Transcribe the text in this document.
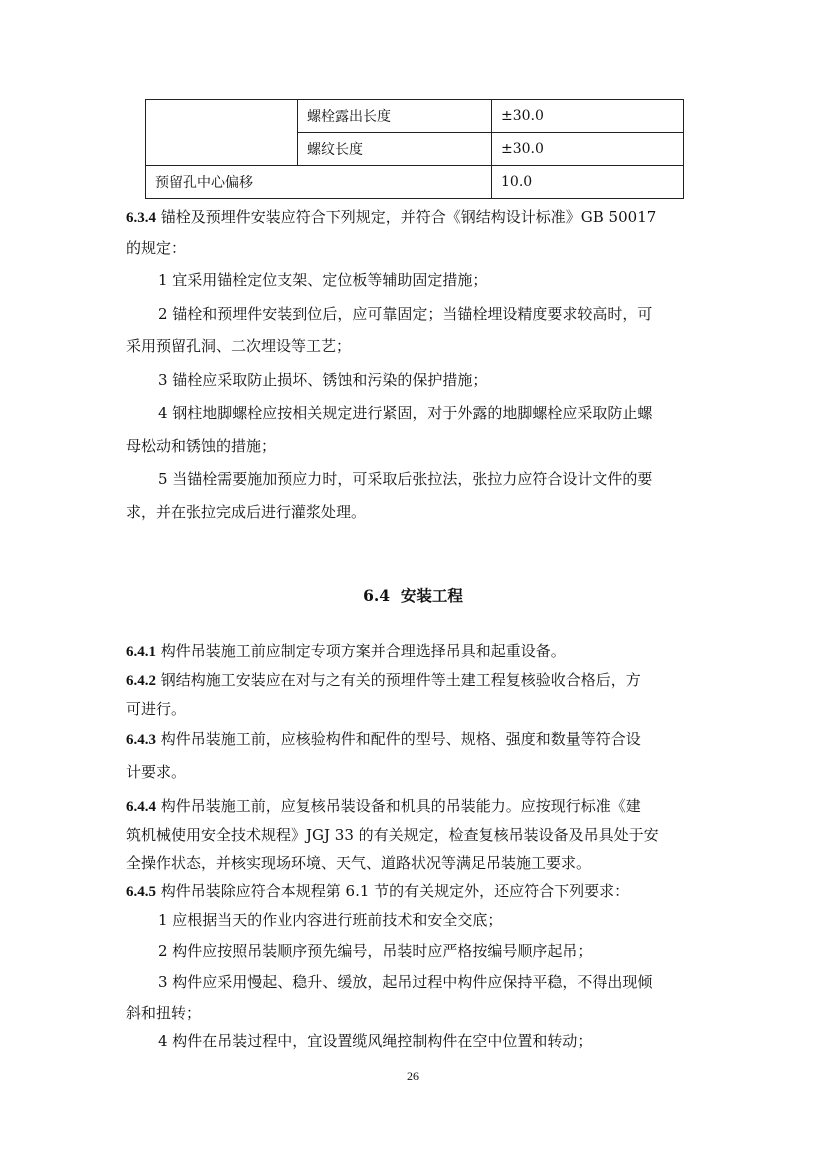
	螺栓露出长度	±30.0
	螺纹长度	±30.0
预留孔中心偏移		10.0
6.3.4 锚栓及预埋件安装应符合下列规定，并符合《钢结构设计标准》GB 50017
的规定：
1 宜采用锚栓定位支架、定位板等辅助固定措施；
2 锚栓和预埋件安装到位后，应可靠固定；当锚栓埋设精度要求较高时，可
采用预留孔洞、二次埋设等工艺；
3 锚栓应采取防止损坏、锈蚀和污染的保护措施；
4 钢柱地脚螺栓应按相关规定进行紧固，对于外露的地脚螺栓应采取防止螺
母松动和锈蚀的措施；
5 当锚栓需要施加预应力时，可采取后张拉法，张拉力应符合设计文件的要
求，并在张拉完成后进行灌浆处理。
6.4 安装工程
6.4.1 构件吊装施工前应制定专项方案并合理选择吊具和起重设备。
6.4.2 钢结构施工安装应在对与之有关的预埋件等土建工程复核验收合格后，方
可进行。
6.4.3 构件吊装施工前，应核验构件和配件的型号、规格、强度和数量等符合设
计要求。
6.4.4 构件吊装施工前，应复核吊装设备和机具的吊装能力。应按现行标准《建
筑机械使用安全技术规程》JGJ 33 的有关规定，检查复核吊装设备及吊具处于安
全操作状态，并核实现场环境、天气、道路状况等满足吊装施工要求。
6.4.5 构件吊装除应符合本规程第 6.1 节的有关规定外，还应符合下列要求：
1 应根据当天的作业内容进行班前技术和安全交底；
2 构件应按照吊装顺序预先编号，吊装时应严格按编号顺序起吊；
3 构件应采用慢起、稳升、缓放，起吊过程中构件应保持平稳，不得出现倾
斜和扭转；
4 构件在吊装过程中，宜设置缆风绳控制构件在空中位置和转动；
26
